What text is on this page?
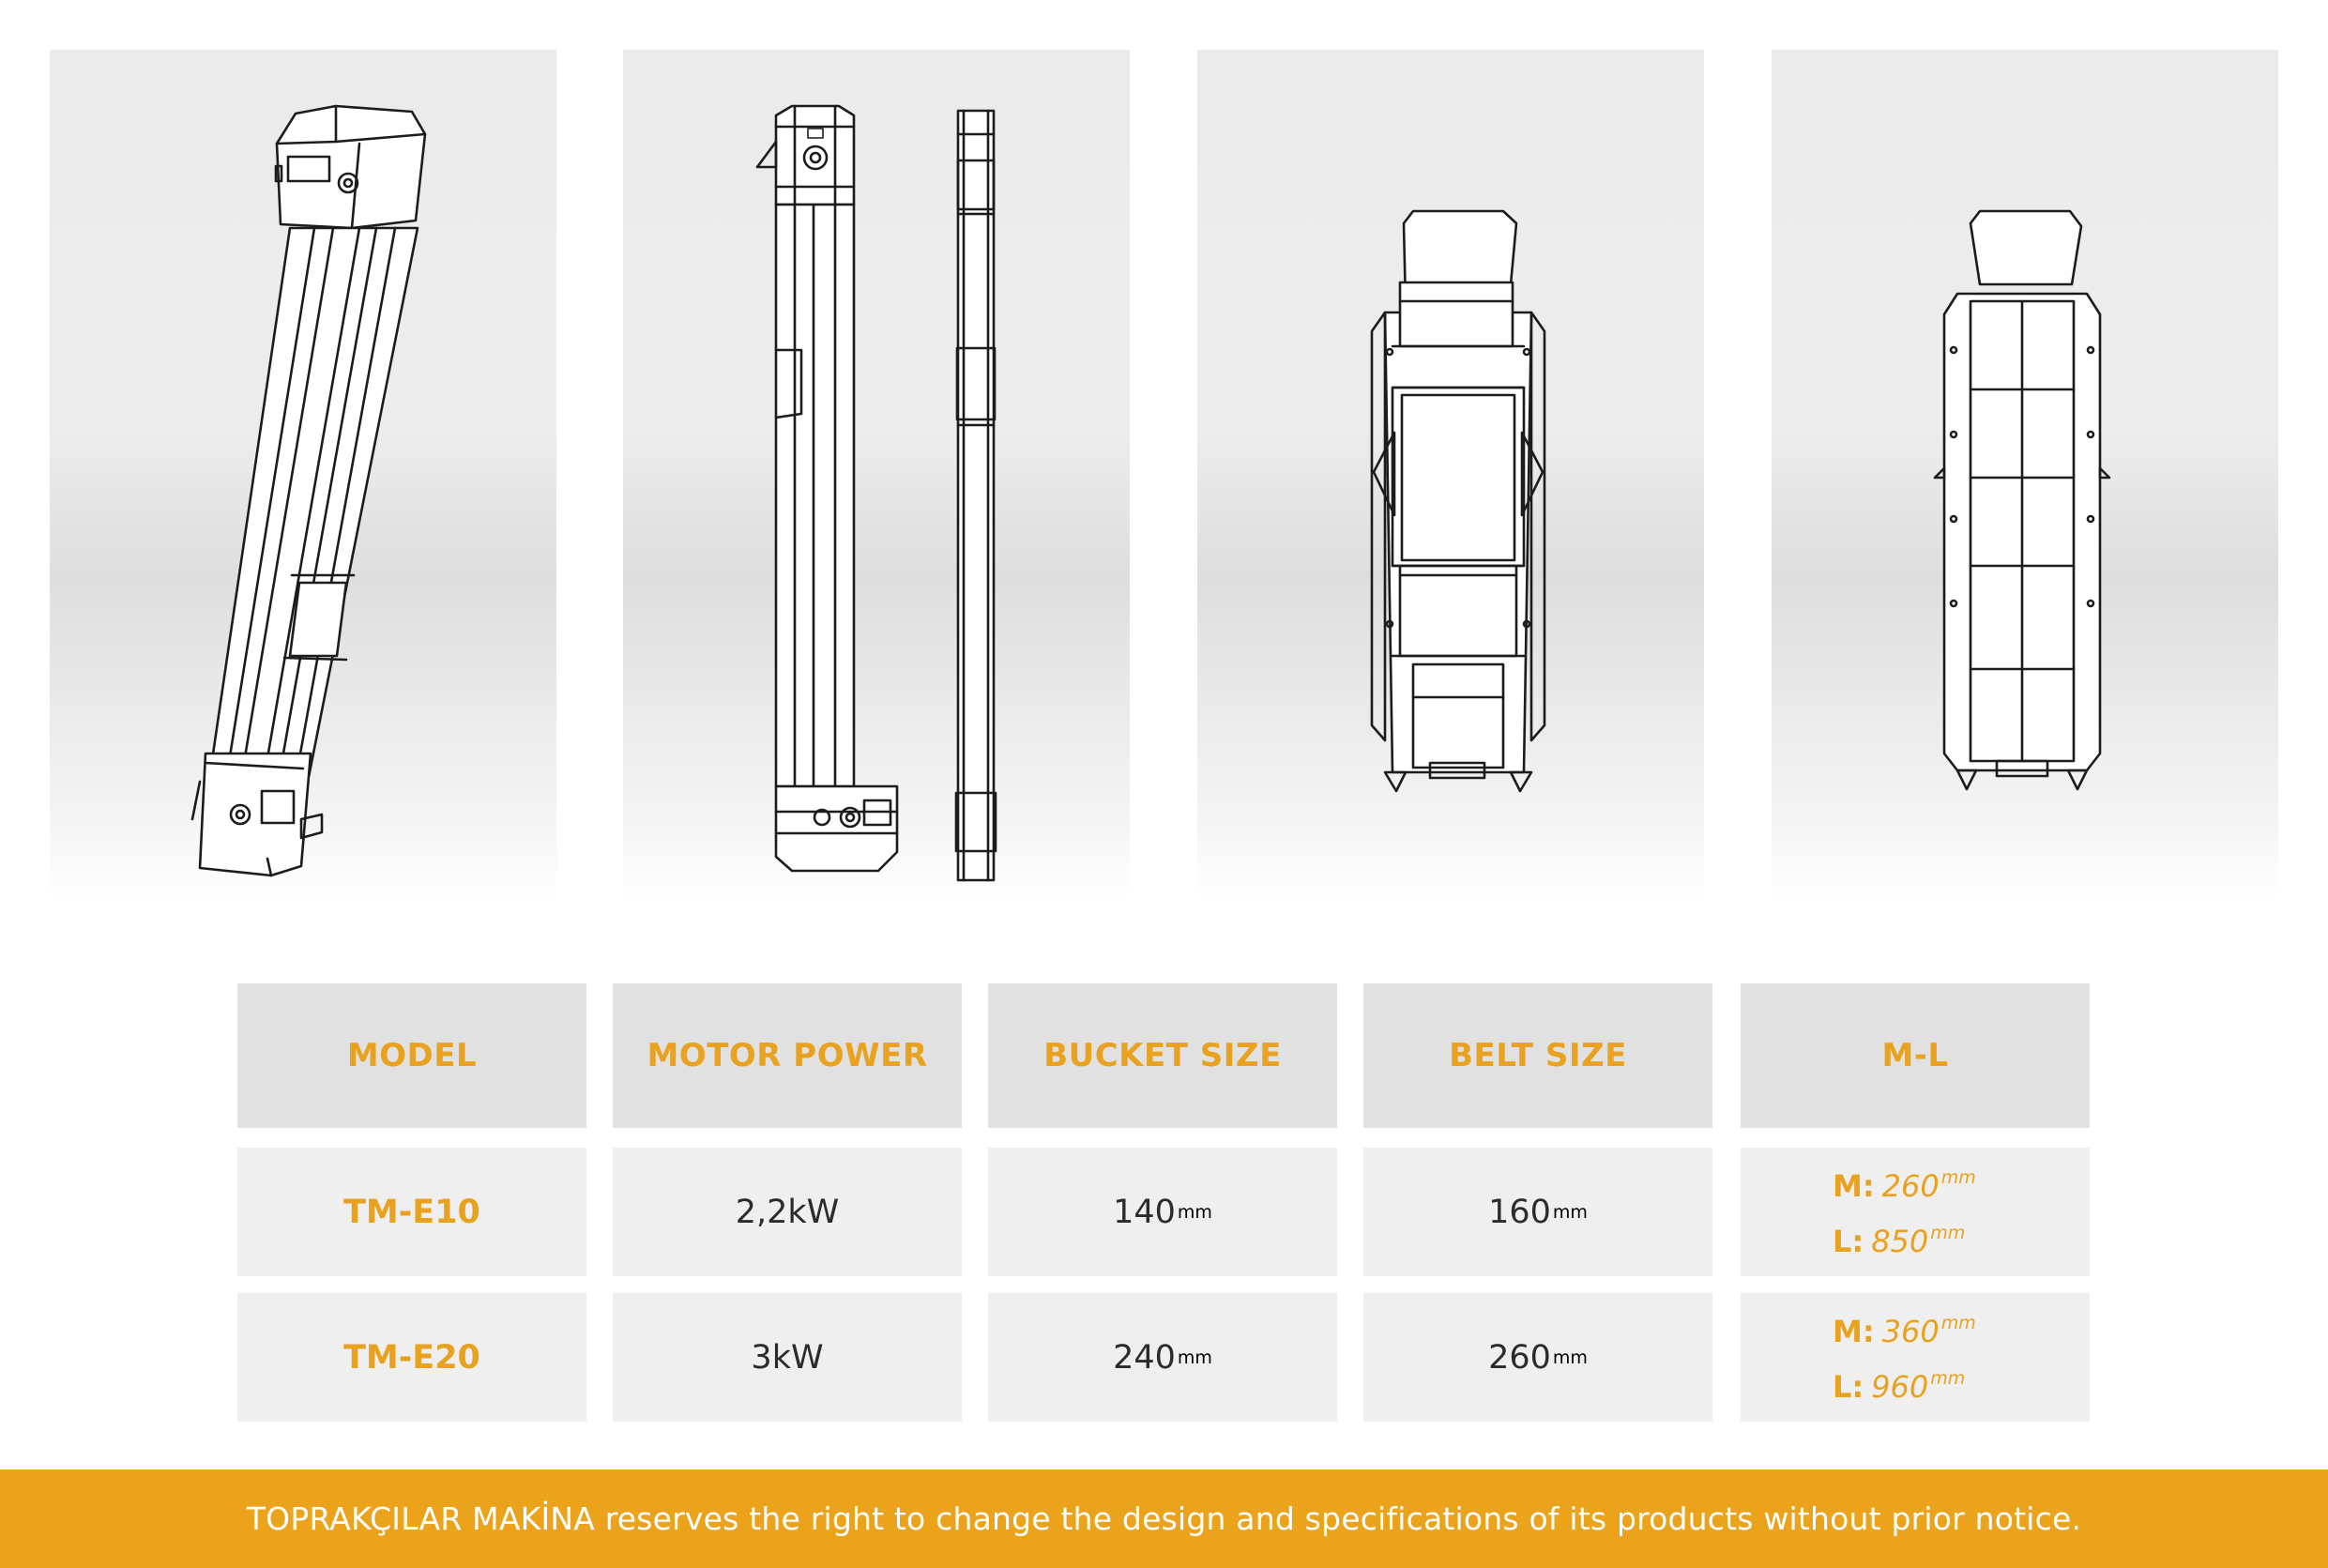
MODEL	MOTOR POWER	BUCKET SIZE	BELT SIZE	M-L
TM-E10	2,2kW	140 mm	160 mm
M: 260 $^{mm}$
L: 850 $^{mm}$
TM-E20	3kW	240 mm	260 mm
M: 360 $^{mm}$
L: 960 $^{mm}$
TOPRAKÇILAR MAKİNA reserves the right to change the design and specifications of its products without prior notice.
